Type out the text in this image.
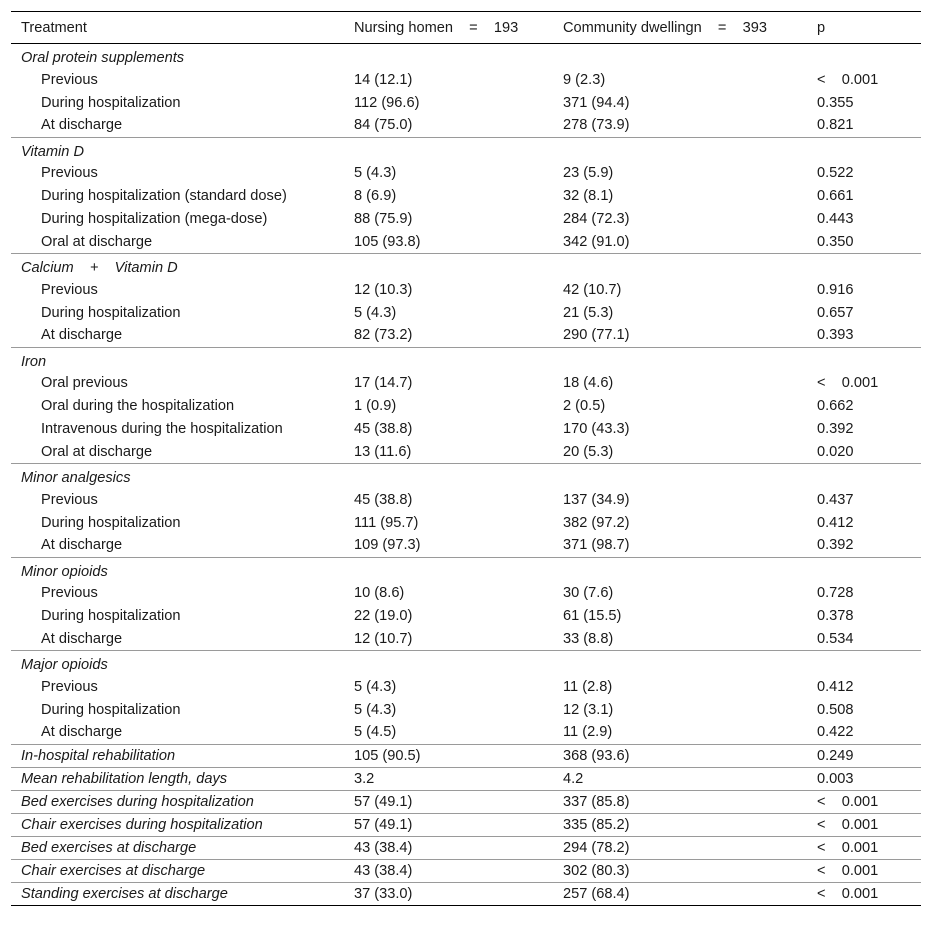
Treatment	Nursing homen    =    193	Community dwellingn    =    393	p
Oral protein supplements			
Previous	14 (12.1)	9 (2.3)	<    0.001
During hospitalization	112 (96.6)	371 (94.4)	0.355
At discharge	84 (75.0)	278 (73.9)	0.821
Vitamin D			
Previous	5 (4.3)	23 (5.9)	0.522
During hospitalization (standard dose)	8 (6.9)	32 (8.1)	0.661
During hospitalization (mega-dose)	88 (75.9)	284 (72.3)	0.443
Oral at discharge	105 (93.8)	342 (91.0)	0.350
Calcium    +    Vitamin D			
Previous	12 (10.3)	42 (10.7)	0.916
During hospitalization	5 (4.3)	21 (5.3)	0.657
At discharge	82 (73.2)	290 (77.1)	0.393
Iron			
Oral previous	17 (14.7)	18 (4.6)	<    0.001
Oral during the hospitalization	1 (0.9)	2 (0.5)	0.662
Intravenous during the hospitalization	45 (38.8)	170 (43.3)	0.392
Oral at discharge	13 (11.6)	20 (5.3)	0.020
Minor analgesics			
Previous	45 (38.8)	137 (34.9)	0.437
During hospitalization	111 (95.7)	382 (97.2)	0.412
At discharge	109 (97.3)	371 (98.7)	0.392
Minor opioids			
Previous	10 (8.6)	30 (7.6)	0.728
During hospitalization	22 (19.0)	61 (15.5)	0.378
At discharge	12 (10.7)	33 (8.8)	0.534
Major opioids			
Previous	5 (4.3)	11 (2.8)	0.412
During hospitalization	5 (4.3)	12 (3.1)	0.508
At discharge	5 (4.5)	11 (2.9)	0.422
In-hospital rehabilitation	105 (90.5)	368 (93.6)	0.249
Mean rehabilitation length, days	3.2	4.2	0.003
Bed exercises during hospitalization	57 (49.1)	337 (85.8)	<    0.001
Chair exercises during hospitalization	57 (49.1)	335 (85.2)	<    0.001
Bed exercises at discharge	43 (38.4)	294 (78.2)	<    0.001
Chair exercises at discharge	43 (38.4)	302 (80.3)	<    0.001
Standing exercises at discharge	37 (33.0)	257 (68.4)	<    0.001
